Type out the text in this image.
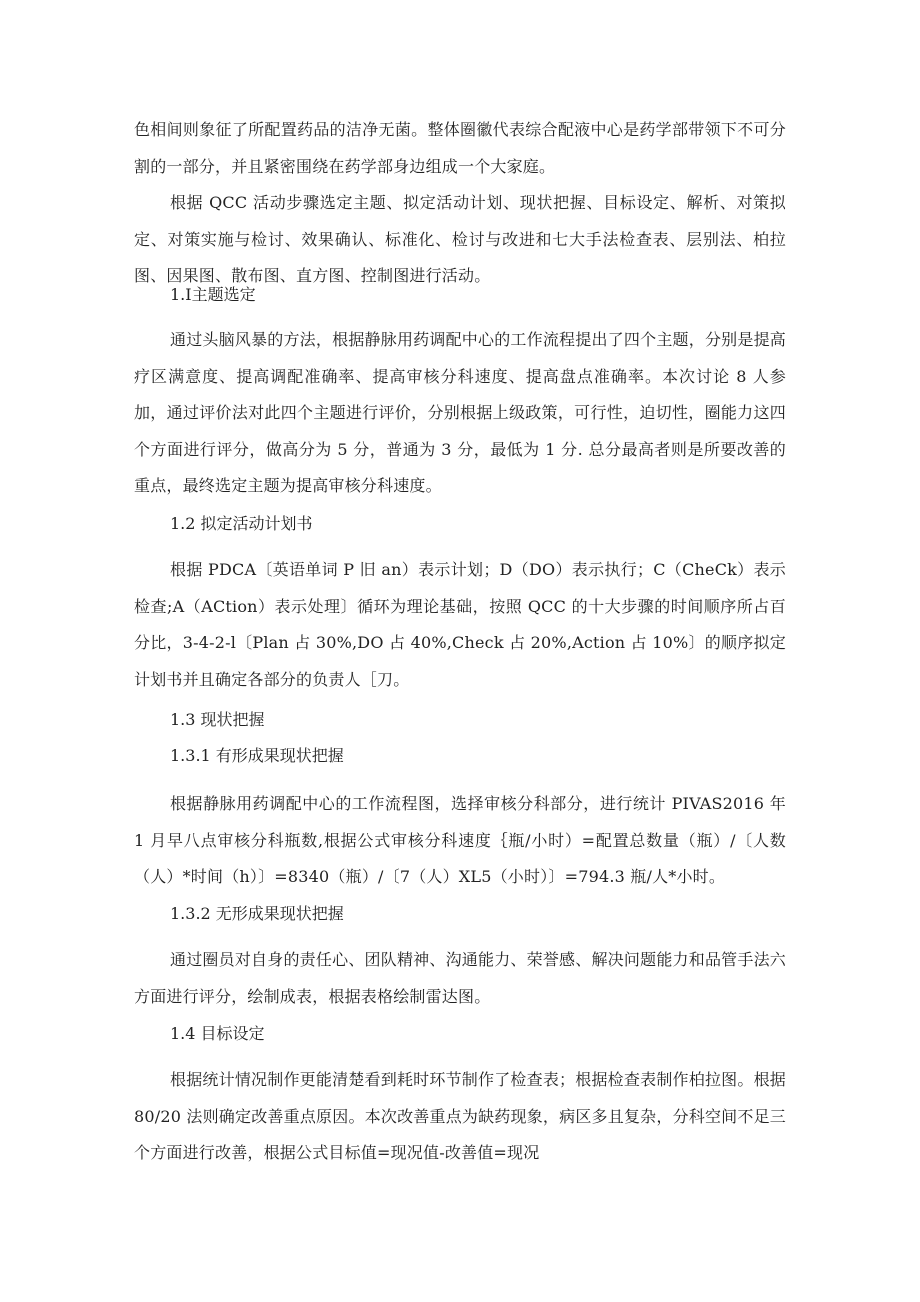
色相间则象征了所配置药品的洁净无菌。整体圈徽代表综合配液中心是药学部带领下不可分割的一部分，并且紧密围绕在药学部身边组成一个大家庭。

根据 QCC 活动步骤选定主题、拟定活动计划、现状把握、目标设定、解析、对策拟定、对策实施与检讨、效果确认、标准化、检讨与改进和七大手法检查表、层别法、柏拉图、因果图、散布图、直方图、控制图进行活动。

1.Ⅰ主题选定

通过头脑风暴的方法，根据静脉用药调配中心的工作流程提出了四个主题，分别是提高疗区满意度、提高调配准确率、提高审核分科速度、提高盘点准确率。本次讨论 8 人参加，通过评价法对此四个主题进行评价，分别根据上级政策，可行性，迫切性，圈能力这四个方面进行评分，做高分为 5 分，普通为 3 分，最低为 1 分. 总分最高者则是所要改善的重点，最终选定主题为提高审核分科速度。

1.2 拟定活动计划书

根据 PDCA〔英语单词 P 旧 an）表示计划；D（DO）表示执行；C（CheCk）表示检查;A（ACtion）表示处理〕循环为理论基础，按照 QCC 的十大步骤的时间顺序所占百分比，3-4-2-l〔Plan 占 30%,DO 占 40%,Check 占 20%,Action 占 10%〕的顺序拟定计划书并且确定各部分的负责人［刀。

1.3 现状把握

1.3.1 有形成果现状把握

根据静脉用药调配中心的工作流程图，选择审核分科部分，进行统计 PIVAS2016 年 1 月早八点审核分科瓶数,根据公式审核分科速度｛瓶/小时）=配置总数量（瓶）/〔人数（人）*时间（h）〕=8340（瓶）/〔7（人）XL5（小时）〕=794.3 瓶/人*小时。

1.3.2 无形成果现状把握

通过圈员对自身的责任心、团队精神、沟通能力、荣誉感、解决问题能力和品管手法六方面进行评分，绘制成表，根据表格绘制雷达图。

1.4 目标设定

根据统计情况制作更能清楚看到耗时环节制作了检查表；根据检查表制作柏拉图。根据 80/20 法则确定改善重点原因。本次改善重点为缺药现象，病区多且复杂，分科空间不足三个方面进行改善，根据公式目标值=现况值-改善值=现况
